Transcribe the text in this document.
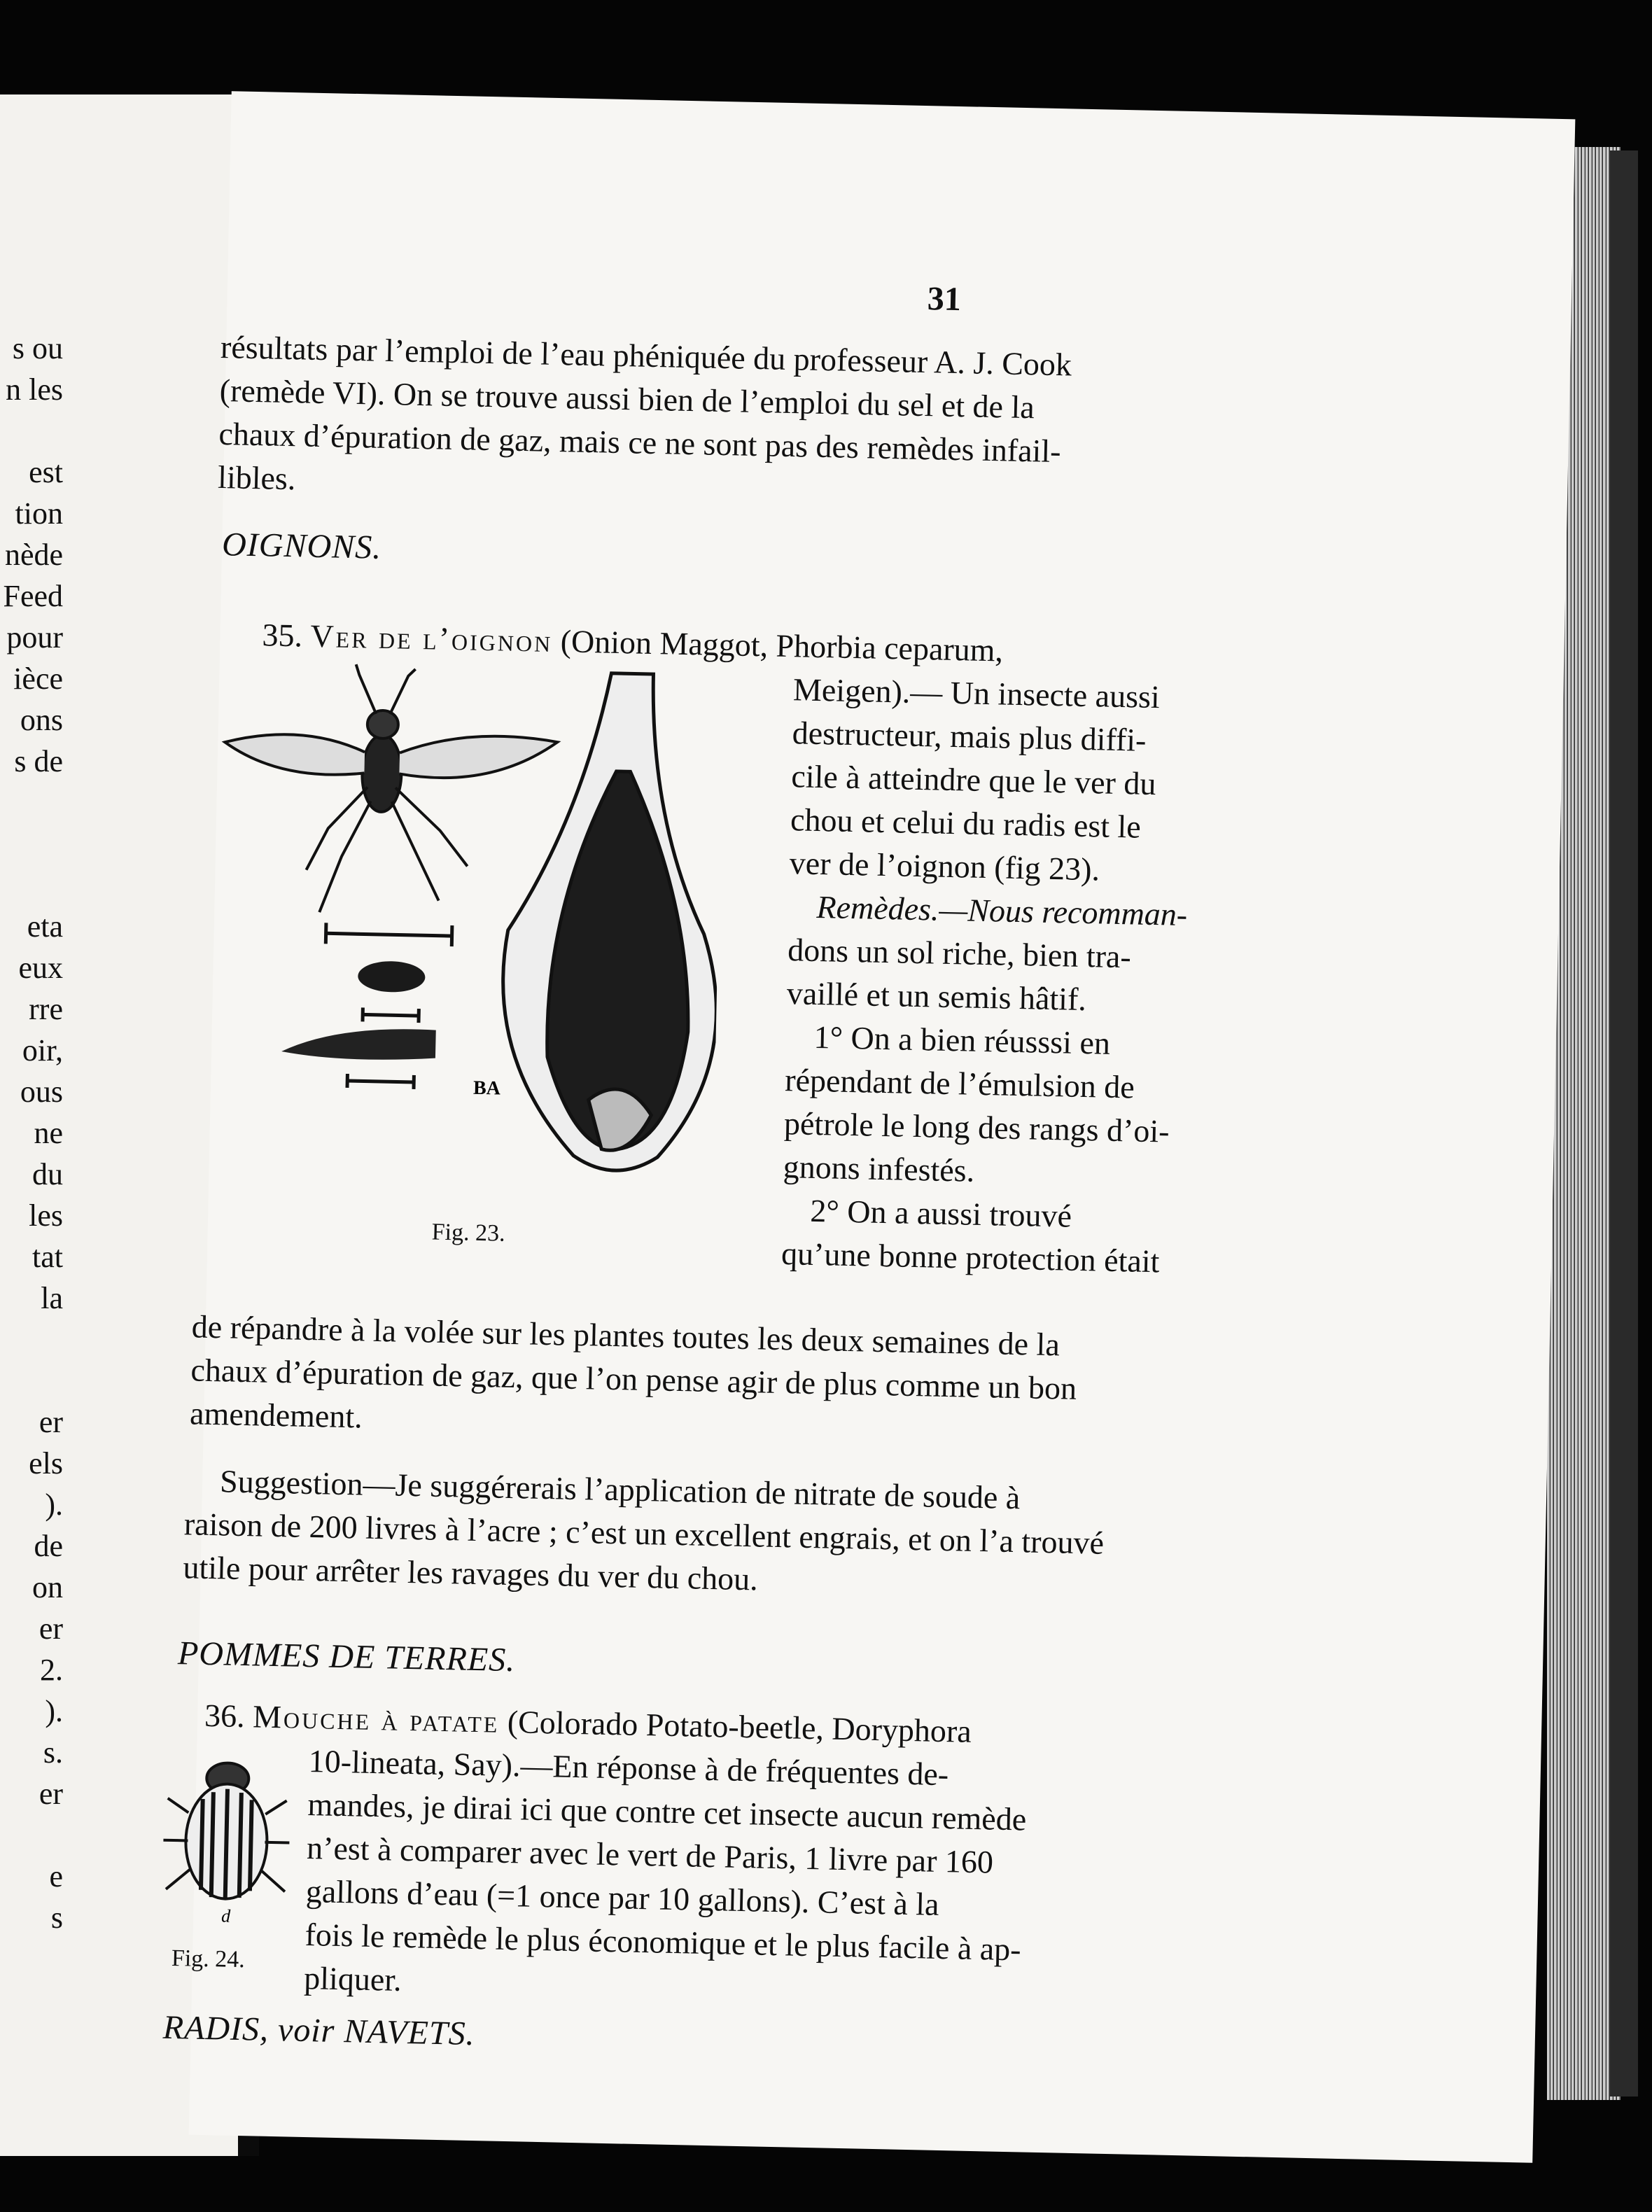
s ou
n les
est
tion
nède
Feed
pour
ièce
ons
s de
eta
eux
rre
oir,
ous
ne
du
les
tat
la
er
els
).
de
on
er
2.
).
s.
er
e
s
31
résultats par l’emploi de l’eau phéniquée du professeur A. J. Cook
(remède VI). On se trouve aussi bien de l’emploi du sel et de la
chaux d’épuration de gaz, mais ce ne sont pas des remèdes infail-
libles.
OIGNONS.
35. Ver de l’oignon (Onion Maggot, Phorbia ceparum,
BA
Fig. 23.
Meigen).— Un insecte aussi
destructeur, mais plus diffi-
cile à atteindre que le ver du
chou et celui du radis est le
ver de l’oignon (fig 23).
Remèdes.—Nous recomman-
dons un sol riche, bien tra-
vaillé et un semis hâtif.
1° On a bien réusssi en
répendant de l’émulsion de
pétrole le long des rangs d’oi-
gnons infestés.
2° On a aussi trouvé
qu’une bonne protection était
de répandre à la volée sur les plantes toutes les deux semaines de la
chaux d’épuration de gaz, que l’on pense agir de plus comme un bon
amendement.
Suggestion—Je suggérerais l’application de nitrate de soude à
raison de 200 livres à l’acre ; c’est un excellent engrais, et on l’a trouvé
utile pour arrêter les ravages du ver du chou.
POMMES DE TERRES.
36. Mouche à patate (Colorado Potato-beetle, Doryphora
d
Fig. 24.
10-lineata, Say).—En réponse à de fréquentes de-
mandes, je dirai ici que contre cet insecte aucun remède
n’est à comparer avec le vert de Paris, 1 livre par 160
gallons d’eau (=1 once par 10 gallons). C’est à la
fois le remède le plus économique et le plus facile à ap-
pliquer.
RADIS, voir NAVETS.
